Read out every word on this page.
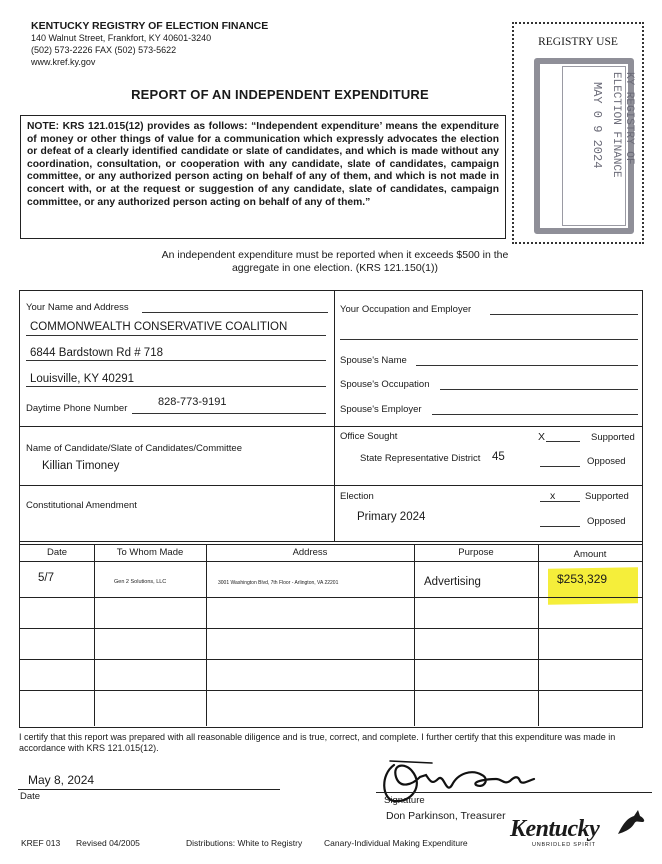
KENTUCKY REGISTRY OF ELECTION FINANCE
140 Walnut Street, Frankfort, KY 40601-3240
(502) 573-2226 FAX (502) 573-5622
www.kref.ky.gov
REGISTRY USE
KY REGISTRY OF
ELECTION FINANCE
MAY 0 9 2024
REPORT OF AN INDEPENDENT EXPENDITURE
NOTE: KRS 121.015(12) provides as follows: “Independent expenditure’ means the expenditure of money or other things of value for a communication which expressly advocates the election or defeat of a clearly identified candidate or slate of candidates, and which is made without any coordination, consultation, or cooperation with any candidate, slate of candidates, campaign committee, or any authorized person acting on behalf of any of them, and which is not made in concert with, or at the request or suggestion of any candidate, slate of candidates, campaign committee, or any authorized person acting on behalf of any of them.”
An independent expenditure must be reported when it exceeds $500 in the aggregate in one election. (KRS 121.150(1))
Your Name and Address
COMMONWEALTH CONSERVATIVE COALITION
6844 Bardstown Rd # 718
Louisville, KY 40291
Daytime Phone Number
828-773-9191
Your Occupation and Employer
Spouse's Name
Spouse's Occupation
Spouse's Employer
Name of Candidate/Slate of Candidates/Committee
Killian Timoney
Office Sought
State Representative District 45
X	Supported
Opposed
Constitutional Amendment
Election
Primary 2024
x	Supported
Opposed
Date	To Whom Made	Address	Purpose	Amount
5/7	Gen 2 Solutions, LLC	3001 Washington Blvd, 7th Floor - Arlington, VA 22201	Advertising	$253,329
I certify that this report was prepared with all reasonable diligence and is true, correct, and complete. I further certify that this expenditure was made in accordance with KRS 121.015(12).
May 8, 2024
Date	Signature
Don Parkinson, Treasurer
KREF 013 Revised 04/2005	Distributions: White to Registry	Canary-Individual Making Expenditure
Kentucky
UNBRIDLED SPIRIT
